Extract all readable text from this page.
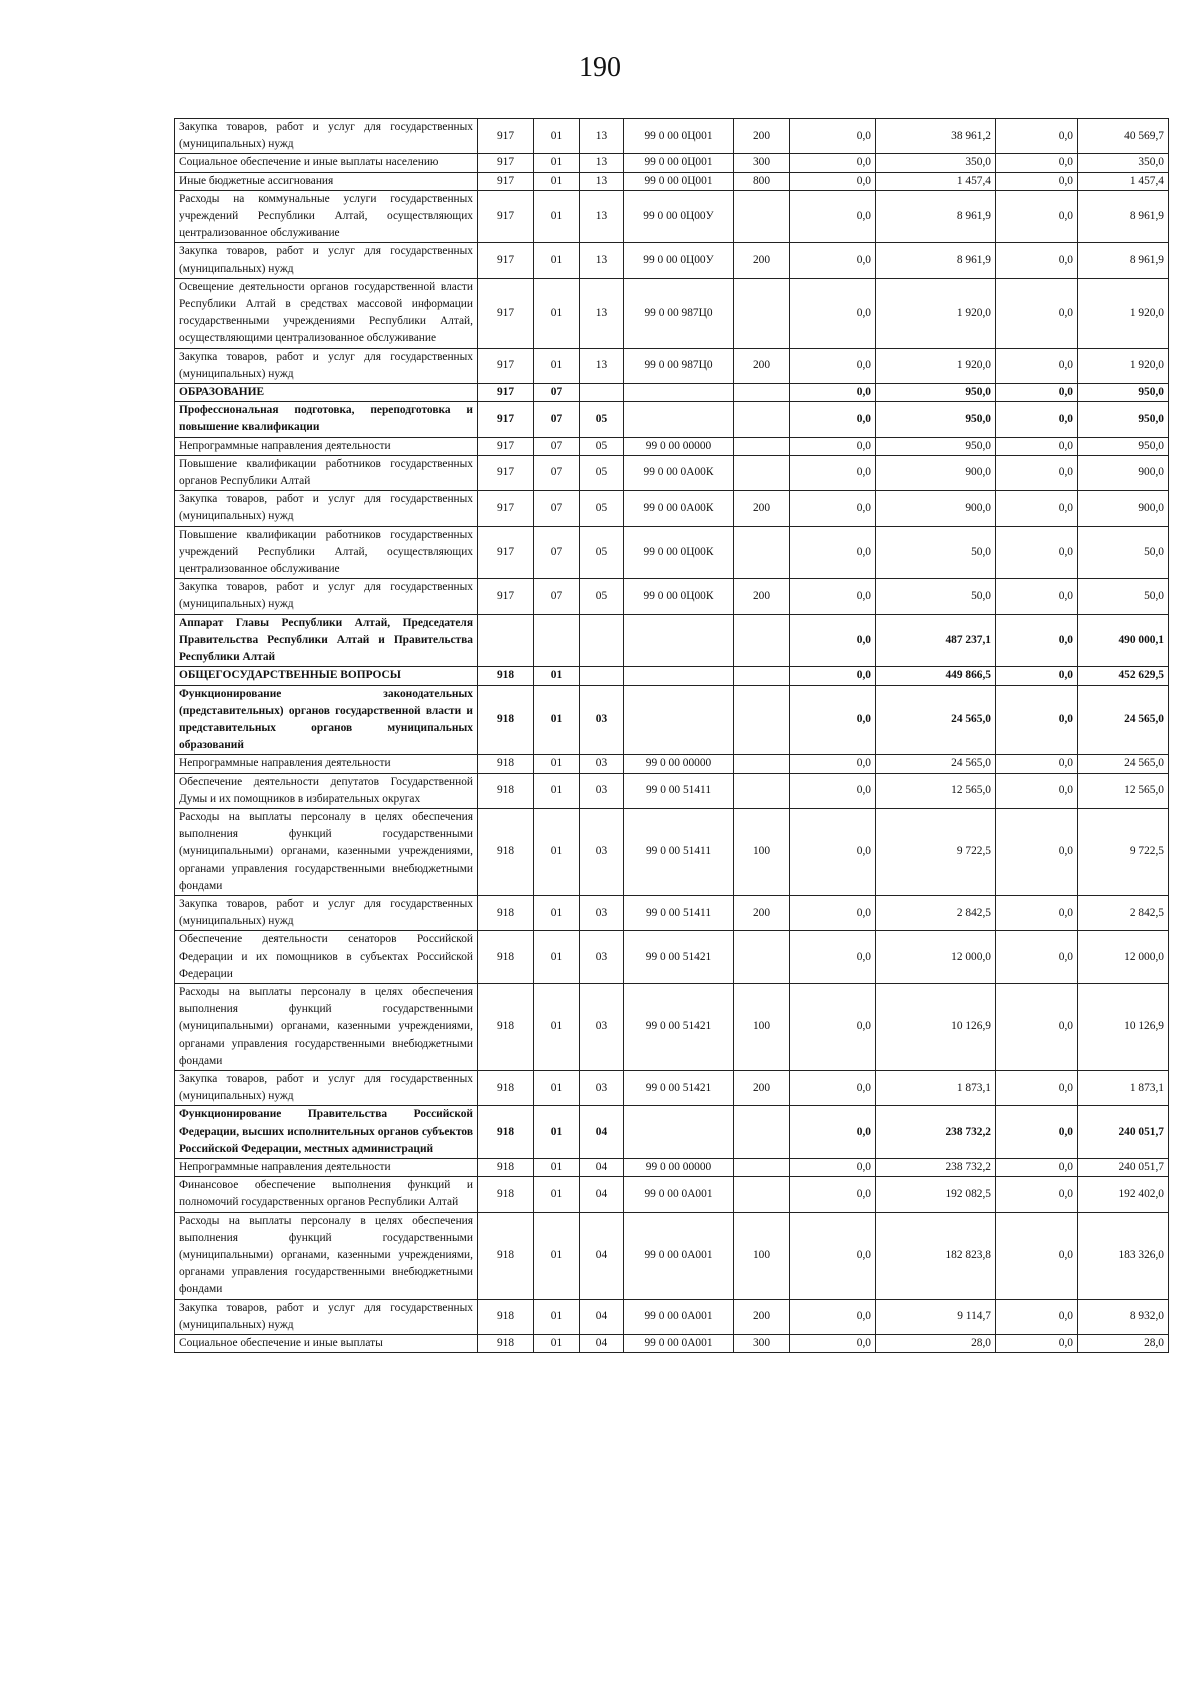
190
Закупка товаров, работ и услуг для государственных (муниципальных) нужд	917	01	13	99 0 00 0Ц001	200	0,0	38 961,2	0,0	40 569,7
Социальное обеспечение и иные выплаты населению	917	01	13	99 0 00 0Ц001	300	0,0	350,0	0,0	350,0
Иные бюджетные ассигнования	917	01	13	99 0 00 0Ц001	800	0,0	1 457,4	0,0	1 457,4
Расходы на коммунальные услуги государственных учреждений Республики Алтай, осуществляющих централизованное обслуживание	917	01	13	99 0 00 0Ц00У		0,0	8 961,9	0,0	8 961,9
Закупка товаров, работ и услуг для государственных (муниципальных) нужд	917	01	13	99 0 00 0Ц00У	200	0,0	8 961,9	0,0	8 961,9
Освещение деятельности органов государственной власти Республики Алтай в средствах массовой информации государственными учреждениями Республики Алтай, осуществляющими централизованное обслуживание	917	01	13	99 0 00 987Ц0		0,0	1 920,0	0,0	1 920,0
Закупка товаров, работ и услуг для государственных (муниципальных) нужд	917	01	13	99 0 00 987Ц0	200	0,0	1 920,0	0,0	1 920,0
ОБРАЗОВАНИЕ	917	07				0,0	950,0	0,0	950,0
Профессиональная подготовка, переподготовка и повышение квалификации	917	07	05			0,0	950,0	0,0	950,0
Непрограммные направления деятельности	917	07	05	99 0 00 00000		0,0	950,0	0,0	950,0
Повышение квалификации работников государственных органов Республики Алтай	917	07	05	99 0 00 0А00К		0,0	900,0	0,0	900,0
Закупка товаров, работ и услуг для государственных (муниципальных) нужд	917	07	05	99 0 00 0А00К	200	0,0	900,0	0,0	900,0
Повышение квалификации работников государственных учреждений Республики Алтай, осуществляющих централизованное обслуживание	917	07	05	99 0 00 0Ц00К		0,0	50,0	0,0	50,0
Закупка товаров, работ и услуг для государственных (муниципальных) нужд	917	07	05	99 0 00 0Ц00К	200	0,0	50,0	0,0	50,0
Аппарат Главы Республики Алтай, Председателя Правительства Республики Алтай и Правительства Республики Алтай						0,0	487 237,1	0,0	490 000,1
ОБЩЕГОСУДАРСТВЕННЫЕ ВОПРОСЫ	918	01				0,0	449 866,5	0,0	452 629,5
Функционирование законодательных (представительных) органов государственной власти и представительных органов муниципальных образований	918	01	03			0,0	24 565,0	0,0	24 565,0
Непрограммные направления деятельности	918	01	03	99 0 00 00000		0,0	24 565,0	0,0	24 565,0
Обеспечение деятельности депутатов Государственной Думы и их помощников в избирательных округах	918	01	03	99 0 00 51411		0,0	12 565,0	0,0	12 565,0
Расходы на выплаты персоналу в целях обеспечения выполнения функций государственными (муниципальными) органами, казенными учреждениями, органами управления государственными внебюджетными фондами	918	01	03	99 0 00 51411	100	0,0	9 722,5	0,0	9 722,5
Закупка товаров, работ и услуг для государственных (муниципальных) нужд	918	01	03	99 0 00 51411	200	0,0	2 842,5	0,0	2 842,5
Обеспечение деятельности сенаторов Российской Федерации и их помощников в субъектах Российской Федерации	918	01	03	99 0 00 51421		0,0	12 000,0	0,0	12 000,0
Расходы на выплаты персоналу в целях обеспечения выполнения функций государственными (муниципальными) органами, казенными учреждениями, органами управления государственными внебюджетными фондами	918	01	03	99 0 00 51421	100	0,0	10 126,9	0,0	10 126,9
Закупка товаров, работ и услуг для государственных (муниципальных) нужд	918	01	03	99 0 00 51421	200	0,0	1 873,1	0,0	1 873,1
Функционирование Правительства Российской Федерации, высших исполнительных органов субъектов Российской Федерации, местных администраций	918	01	04			0,0	238 732,2	0,0	240 051,7
Непрограммные направления деятельности	918	01	04	99 0 00 00000		0,0	238 732,2	0,0	240 051,7
Финансовое обеспечение выполнения функций и полномочий государственных органов Республики Алтай	918	01	04	99 0 00 0А001		0,0	192 082,5	0,0	192 402,0
Расходы на выплаты персоналу в целях обеспечения выполнения функций государственными (муниципальными) органами, казенными учреждениями, органами управления государственными внебюджетными фондами	918	01	04	99 0 00 0А001	100	0,0	182 823,8	0,0	183 326,0
Закупка товаров, работ и услуг для государственных (муниципальных) нужд	918	01	04	99 0 00 0А001	200	0,0	9 114,7	0,0	8 932,0
Социальное обеспечение и иные выплаты	918	01	04	99 0 00 0А001	300	0,0	28,0	0,0	28,0
